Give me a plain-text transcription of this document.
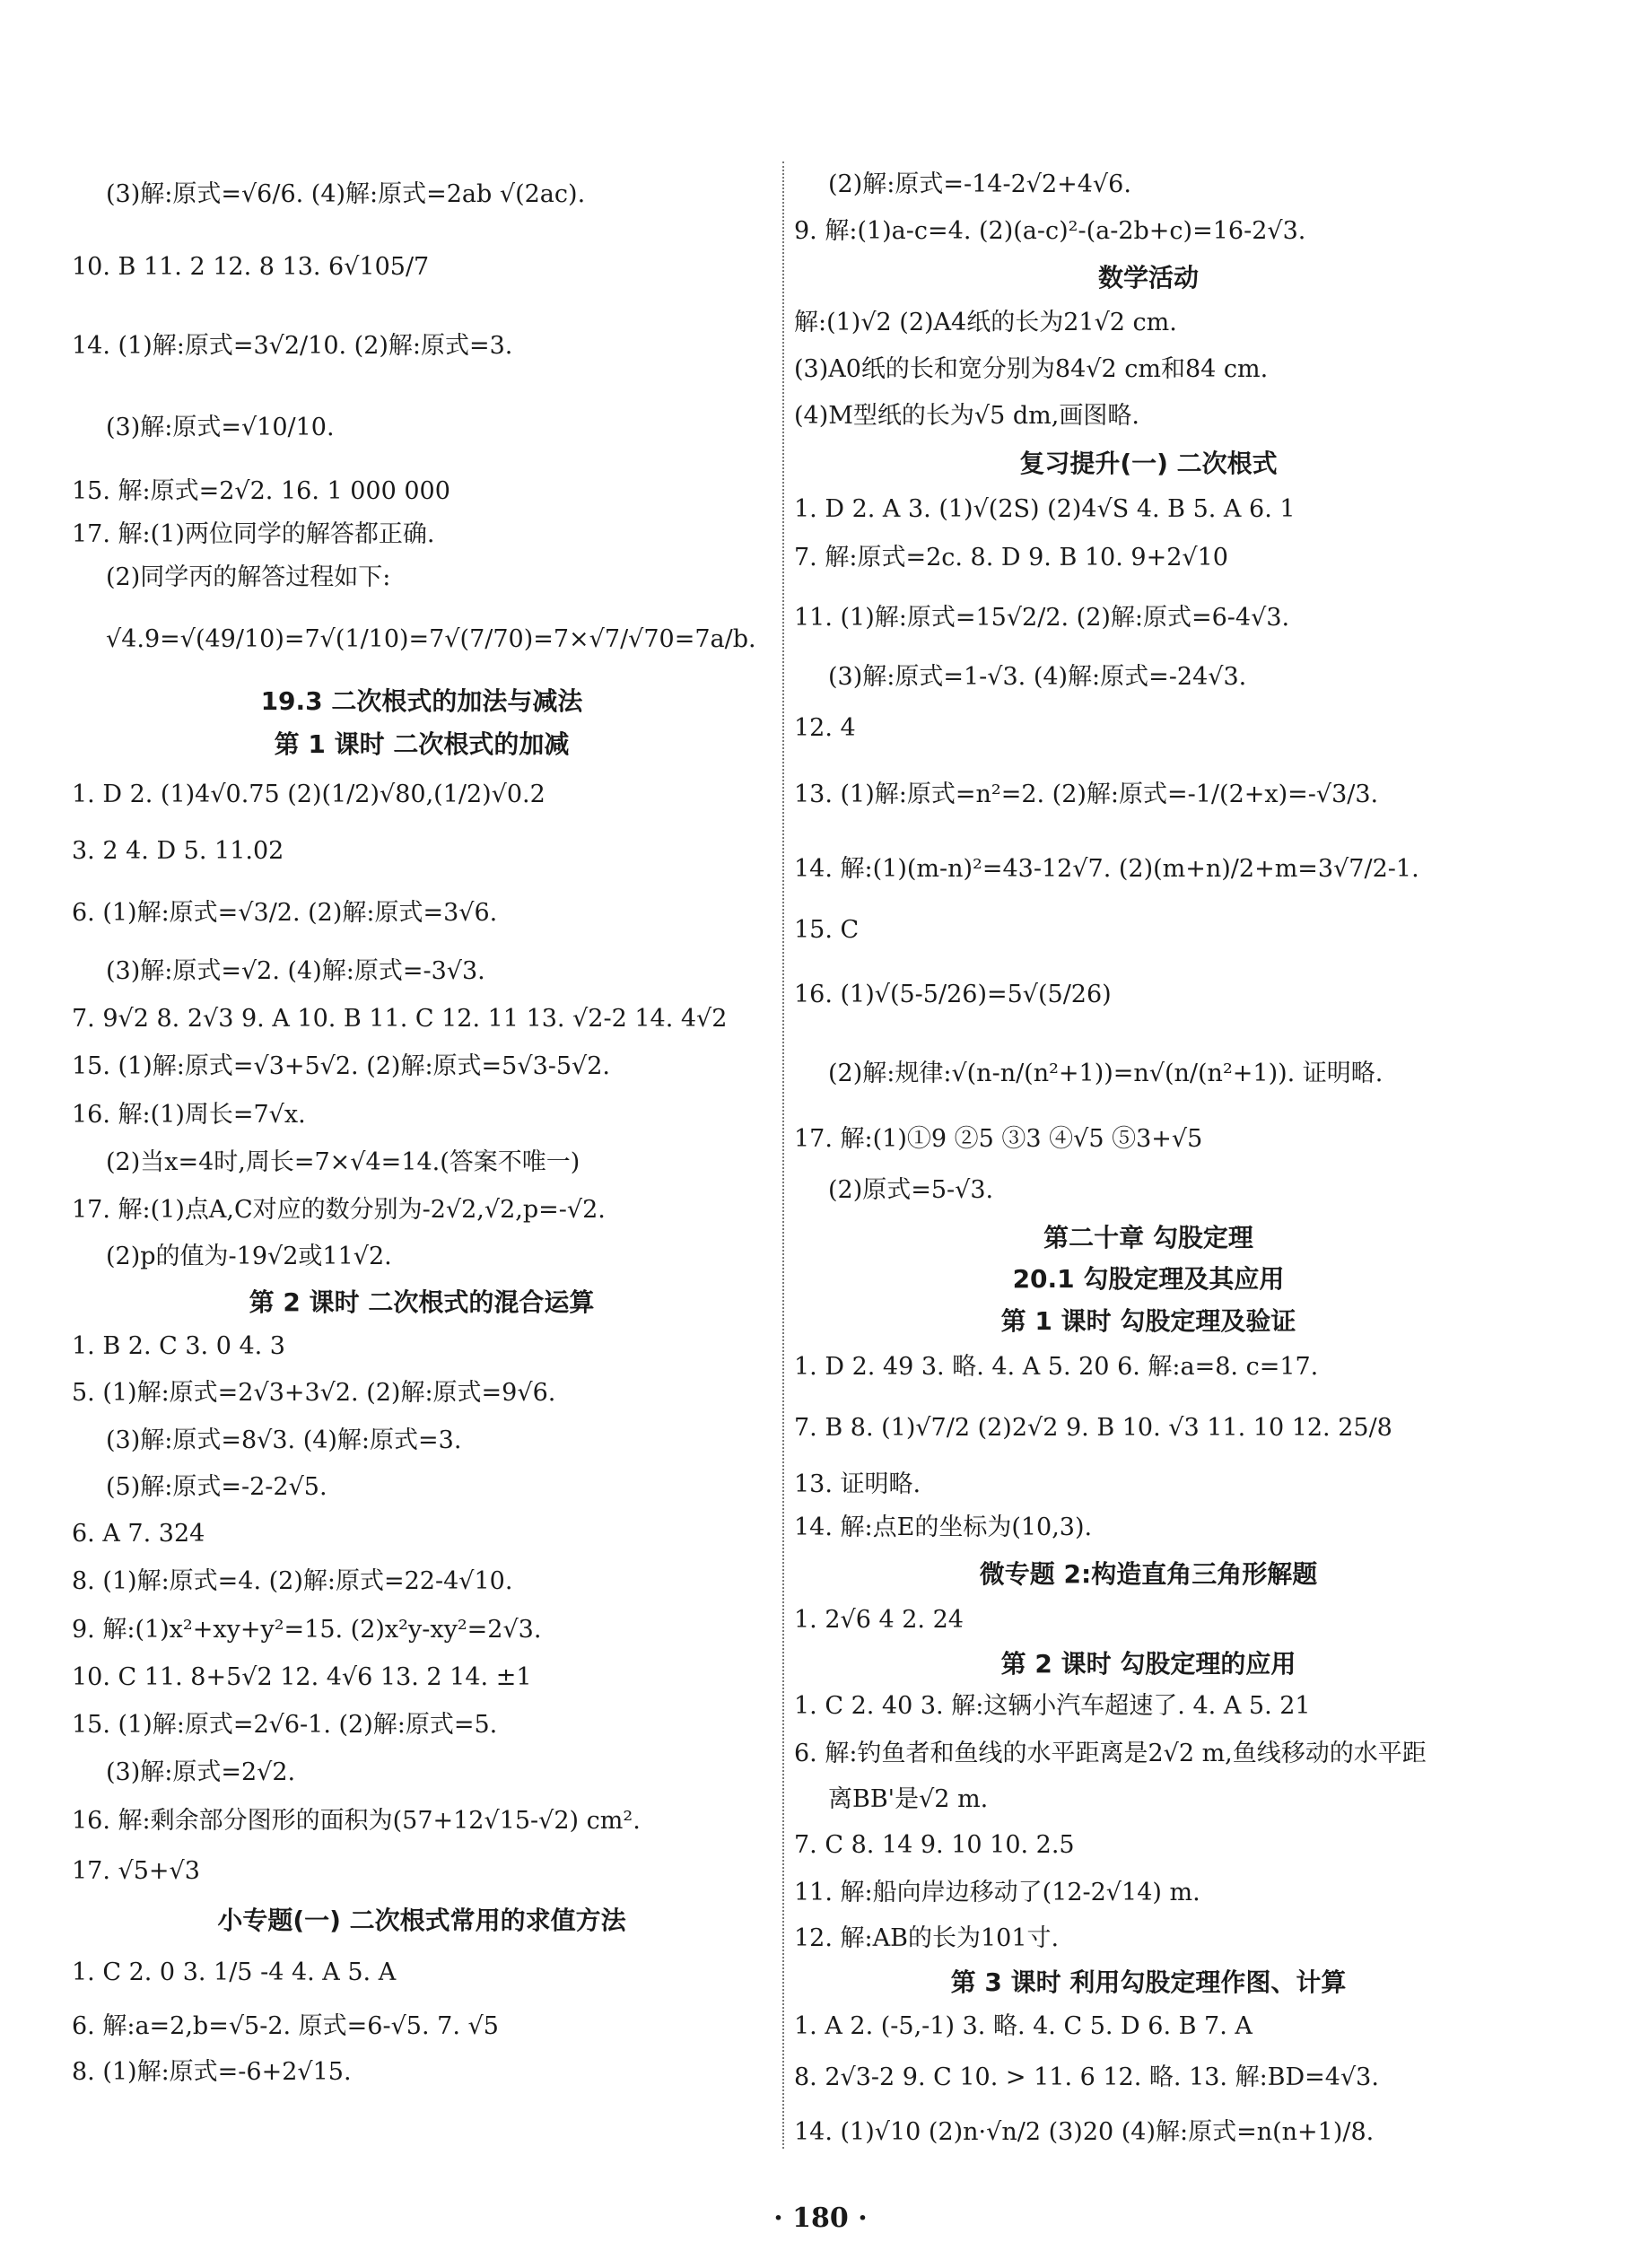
(3)解:原式=√6/6. (4)解:原式=2ab √(2ac).
10. B 11. 2 12. 8 13. 6√105/7
14. (1)解:原式=3√2/10. (2)解:原式=3.
(3)解:原式=√10/10.
15. 解:原式=2√2. 16. 1 000 000
17. 解:(1)两位同学的解答都正确.
(2)同学丙的解答过程如下:
√4.9=√(49/10)=7√(1/10)=7√(7/70)=7×√7/√70=7a/b.
19.3 二次根式的加法与减法
第 1 课时 二次根式的加减
1. D 2. (1)4√0.75 (2)(1/2)√80,(1/2)√0.2
3. 2 4. D 5. 11.02
6. (1)解:原式=√3/2. (2)解:原式=3√6.
(3)解:原式=√2. (4)解:原式=-3√3.
7. 9√2 8. 2√3 9. A 10. B 11. C 12. 11 13. √2-2 14. 4√2
15. (1)解:原式=√3+5√2. (2)解:原式=5√3-5√2.
16. 解:(1)周长=7√x.
(2)当x=4时,周长=7×√4=14.(答案不唯一)
17. 解:(1)点A,C对应的数分别为-2√2,√2,p=-√2.
(2)p的值为-19√2或11√2.
第 2 课时 二次根式的混合运算
1. B 2. C 3. 0 4. 3
5. (1)解:原式=2√3+3√2. (2)解:原式=9√6.
(3)解:原式=8√3. (4)解:原式=3.
(5)解:原式=-2-2√5.
6. A 7. 324
8. (1)解:原式=4. (2)解:原式=22-4√10.
9. 解:(1)x²+xy+y²=15. (2)x²y-xy²=2√3.
10. C 11. 8+5√2 12. 4√6 13. 2 14. ±1
15. (1)解:原式=2√6-1. (2)解:原式=5.
(3)解:原式=2√2.
16. 解:剩余部分图形的面积为(57+12√15-√2) cm².
17. √5+√3
小专题(一) 二次根式常用的求值方法
1. C 2. 0 3. 1/5 -4 4. A 5. A
6. 解:a=2,b=√5-2. 原式=6-√5. 7. √5
8. (1)解:原式=-6+2√15.
(2)解:原式=-14-2√2+4√6.
9. 解:(1)a-c=4. (2)(a-c)²-(a-2b+c)=16-2√3.
数学活动
解:(1)√2 (2)A4纸的长为21√2 cm.
(3)A0纸的长和宽分别为84√2 cm和84 cm.
(4)M型纸的长为√5 dm,画图略.
复习提升(一) 二次根式
1. D 2. A 3. (1)√(2S) (2)4√S 4. B 5. A 6. 1
7. 解:原式=2c. 8. D 9. B 10. 9+2√10
11. (1)解:原式=15√2/2. (2)解:原式=6-4√3.
(3)解:原式=1-√3. (4)解:原式=-24√3.
12. 4
13. (1)解:原式=n²=2. (2)解:原式=-1/(2+x)=-√3/3.
14. 解:(1)(m-n)²=43-12√7. (2)(m+n)/2+m=3√7/2-1.
15. C
16. (1)√(5-5/26)=5√(5/26)
(2)解:规律:√(n-n/(n²+1))=n√(n/(n²+1)). 证明略.
17. 解:(1)①9 ②5 ③3 ④√5 ⑤3+√5
(2)原式=5-√3.
第二十章 勾股定理
20.1 勾股定理及其应用
第 1 课时 勾股定理及验证
1. D 2. 49 3. 略. 4. A 5. 20 6. 解:a=8. c=17.
7. B 8. (1)√7/2 (2)2√2 9. B 10. √3 11. 10 12. 25/8
13. 证明略.
14. 解:点E的坐标为(10,3).
微专题 2:构造直角三角形解题
1. 2√6 4 2. 24
第 2 课时 勾股定理的应用
1. C 2. 40 3. 解:这辆小汽车超速了. 4. A 5. 21
6. 解:钓鱼者和鱼线的水平距离是2√2 m,鱼线移动的水平距
离BB'是√2 m.
7. C 8. 14 9. 10 10. 2.5
11. 解:船向岸边移动了(12-2√14) m.
12. 解:AB的长为101寸.
第 3 课时 利用勾股定理作图、计算
1. A 2. (-5,-1) 3. 略. 4. C 5. D 6. B 7. A
8. 2√3-2 9. C 10. > 11. 6 12. 略. 13. 解:BD=4√3.
14. (1)√10 (2)n·√n/2 (3)20 (4)解:原式=n(n+1)/8.
· 180 ·
